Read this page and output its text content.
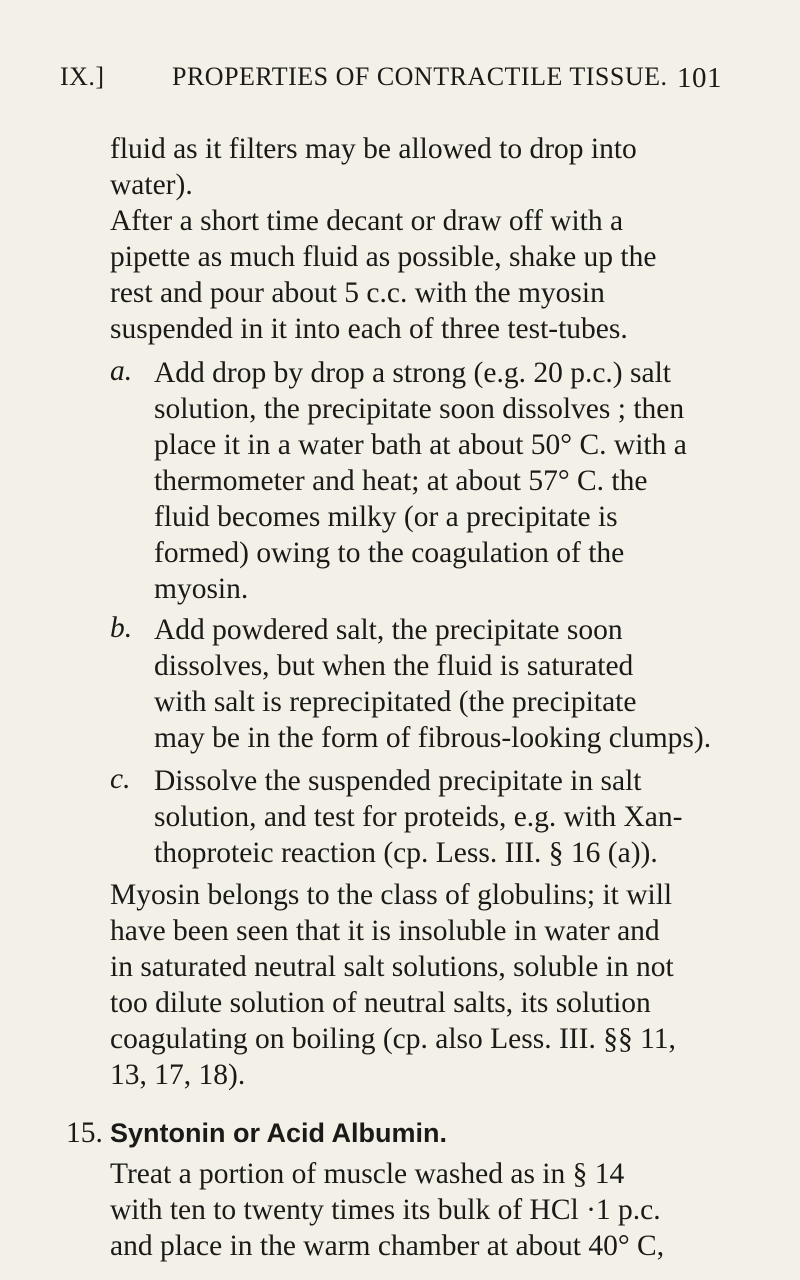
IX.]	PROPERTIES OF CONTRACTILE TISSUE. 101
fluid as it filters may be allowed to drop into
water).
After a short time decant or draw off with a
pipette as much fluid as possible, shake up the
rest and pour about 5 c.c. with the myosin
suspended in it into each of three test-tubes.
a. Add drop by drop a strong (e.g. 20 p.c.) salt
solution, the precipitate soon dissolves ; then
place it in a water bath at about 50° C. with a
thermometer and heat; at about 57° C. the
fluid becomes milky (or a precipitate is
formed) owing to the coagulation of the
myosin.
b. Add powdered salt, the precipitate soon
dissolves, but when the fluid is saturated
with salt is reprecipitated (the precipitate
may be in the form of fibrous-looking clumps).
c. Dissolve the suspended precipitate in salt
solution, and test for proteids, e.g. with Xan-
thoproteic reaction (cp. Less. III. § 16 (a)).
Myosin belongs to the class of globulins; it will
have been seen that it is insoluble in water and
in saturated neutral salt solutions, soluble in not
too dilute solution of neutral salts, its solution
coagulating on boiling (cp. also Less. III. §§ 11,
13, 17, 18).
15. Syntonin or Acid Albumin.
Treat a portion of muscle washed as in § 14
with ten to twenty times its bulk of HCl ·1 p.c.
and place in the warm chamber at about 40° C,
